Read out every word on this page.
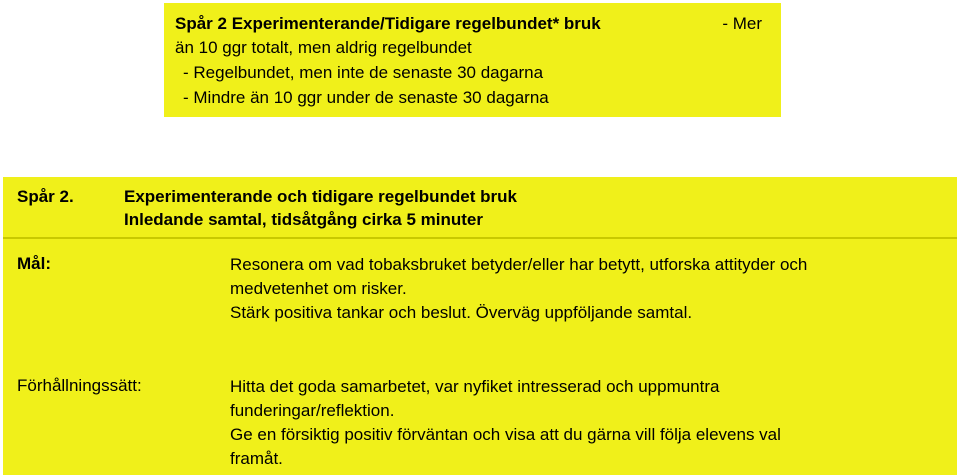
Spår 2 Experimenterande/Tidigare regelbundet* bruk	- Mer
än 10 ggr totalt, men aldrig regelbundet
- Regelbundet, men inte de senaste 30 dagarna
- Mindre än 10 ggr under de senaste 30 dagarna
Spår 2.	Experimenterande och tidigare regelbundet bruk
Inledande samtal, tidsåtgång cirka 5 minuter
Mål:	Resonera om vad tobaksbruket betyder/eller har betytt, utforska attityder och
medvetenhet om risker.
Stärk positiva tankar och beslut. Överväg uppföljande samtal.
Förhållningssätt:	Hitta det goda samarbetet, var nyfiket intresserad och uppmuntra
funderingar/reflektion.
Ge en försiktig positiv förväntan och visa att du gärna vill följa elevens val
framåt.
